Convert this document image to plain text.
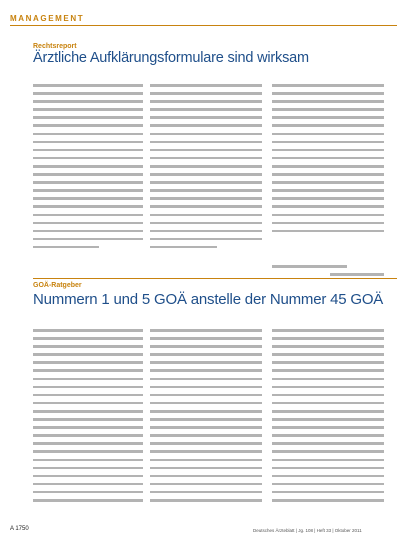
MANAGEMENT
Rechtsreport
Ärztliche Aufklärungsformulare sind wirksam
GOÄ-Ratgeber
Nummern 1 und 5 GOÄ anstelle der Nummer 45 GOÄ
A 1750	Deutsches Ärzteblatt | Jg. 108 | Heft 33 | Oktober 2011
